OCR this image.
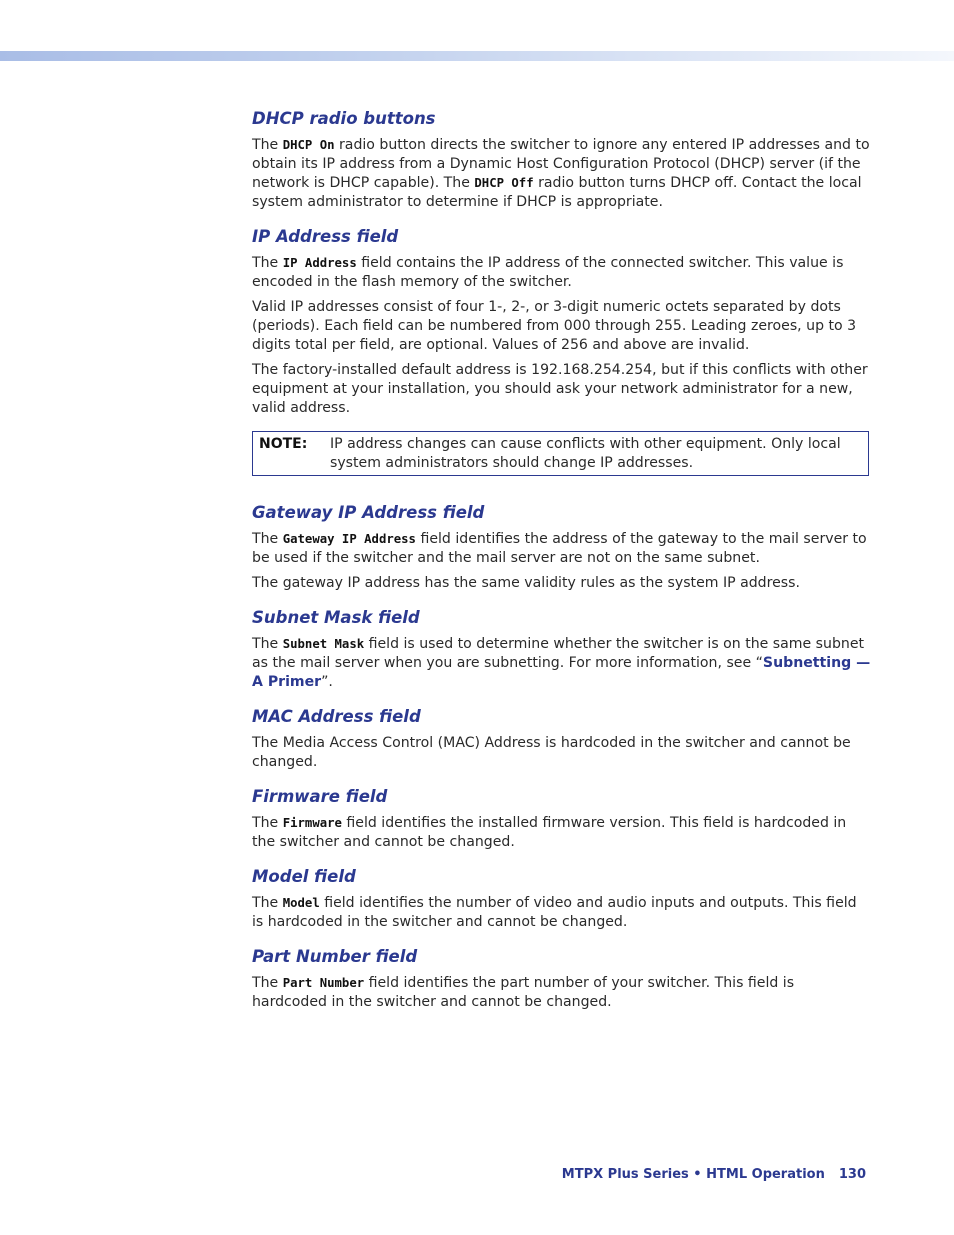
DHCP radio buttons

The DHCP On radio button directs the switcher to ignore any entered IP addresses and to obtain its IP address from a Dynamic Host Configuration Protocol (DHCP) server (if the network is DHCP capable). The DHCP Off radio button turns DHCP off. Contact the local system administrator to determine if DHCP is appropriate.

IP Address field

The IP Address field contains the IP address of the connected switcher. This value is encoded in the flash memory of the switcher.

Valid IP addresses consist of four 1-, 2-, or 3-digit numeric octets separated by dots (periods). Each field can be numbered from 000 through 255. Leading zeroes, up to 3 digits total per field, are optional. Values of 256 and above are invalid.

The factory-installed default address is 192.168.254.254, but if this conflicts with other equipment at your installation, you should ask your network administrator for a new, valid address.

NOTE:	IP address changes can cause conflicts with other equipment. Only local system administrators should change IP addresses.
Gateway IP Address field

The Gateway IP Address field identifies the address of the gateway to the mail server to be used if the switcher and the mail server are not on the same subnet.

The gateway IP address has the same validity rules as the system IP address.

Subnet Mask field

The Subnet Mask field is used to determine whether the switcher is on the same subnet as the mail server when you are subnetting. For more information, see “Subnetting — A Primer”.

MAC Address field

The Media Access Control (MAC) Address is hardcoded in the switcher and cannot be changed.

Firmware field

The Firmware field identifies the installed firmware version. This field is hardcoded in the switcher and cannot be changed.

Model field

The Model field identifies the number of video and audio inputs and outputs. This field is hardcoded in the switcher and cannot be changed.

Part Number field

The Part Number field identifies the part number of your switcher. This field is hardcoded in the switcher and cannot be changed.

MTPX Plus Series • HTML Operation 130
